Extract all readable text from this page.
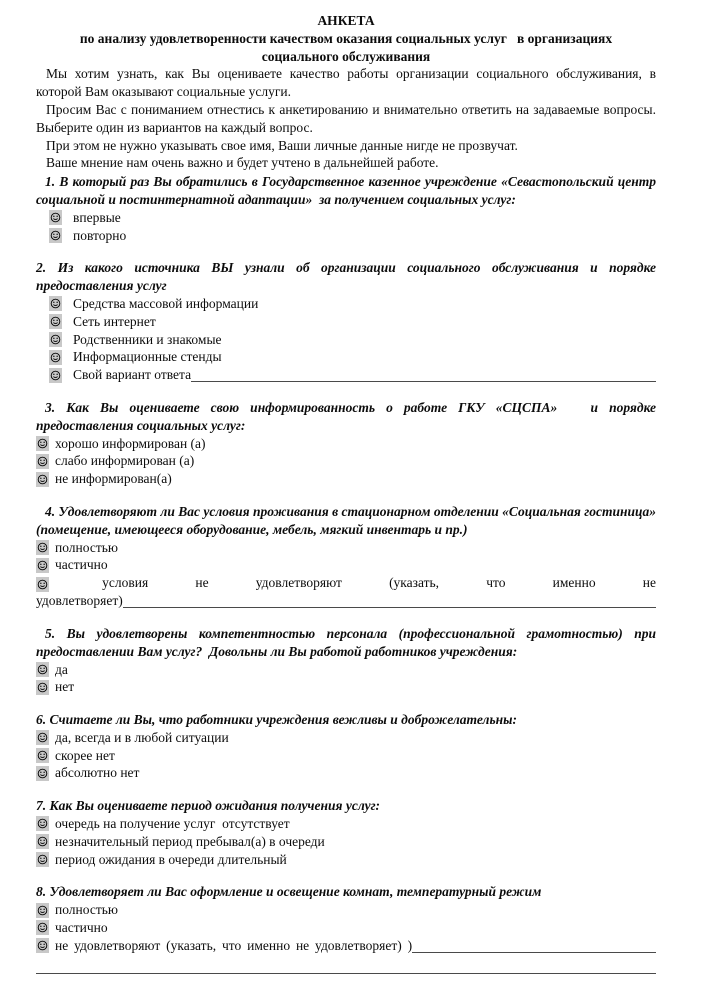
АНКЕТА
по анализу удовлетворенности качеством оказания социальных услуг   в организациях
социального обслуживания

Мы хотим узнать, как Вы оцениваете качество работы организации социального обслуживания, в которой Вам оказывают социальные услуги.

Просим Вас с пониманием отнестись к анкетированию и внимательно ответить на задаваемые вопросы.   Выберите один из вариантов на каждый вопрос.

При этом не нужно указывать свое имя, Ваши личные данные нигде не прозвучат.

Ваше мнение нам очень важно и будет учтено в дальнейшей работе.

1. В который раз Вы обратились в Государственное казенное учреждение «Севастопольский центр социальной и постинтернатной адаптации»  за получением социальных услуг:

впервые
повторно

2. Из какого источника ВЫ узнали об организации социального обслуживания и порядке предоставления услуг

Средства массовой информации
Сеть интернет
Родственники и знакомые
Информационные стенды
Свой вариант ответа

3. Как Вы оцениваете свою информированность о работе ГКУ «СЦСПА»   и порядке предоставления социальных услуг:

хорошо информирован (а)
слабо информирован (а)
не информирован(а)

4. Удовлетворяют ли Вас условия проживания в стационарном отделении «Социальная гостиница» (помещение, имеющееся оборудование, мебель, мягкий инвентарь и пр.)

полностью
частично
условия не удовлетворяют (указать, что именно не
удовлетворяет)

5. Вы удовлетворены компетентностью персонала (профессиональной грамотностью) при предоставлении Вам услуг?  Довольны ли Вы работой работников учреждения:

да
нет

6. Считаете ли Вы, что работники учреждения вежливы и доброжелательны:

да, всегда и в любой ситуации
скорее нет
абсолютно нет

7. Как Вы оцениваете период ожидания получения услуг:

очередь на получение услуг  отсутствует
незначительный период пребывал(а) в очереди
период ожидания в очереди длительный

8. Удовлетворяет ли Вас оформление и освещение комнат, температурный режим

полностью
частично
не удовлетворяют (указать, что именно не удовлетворяет) )
